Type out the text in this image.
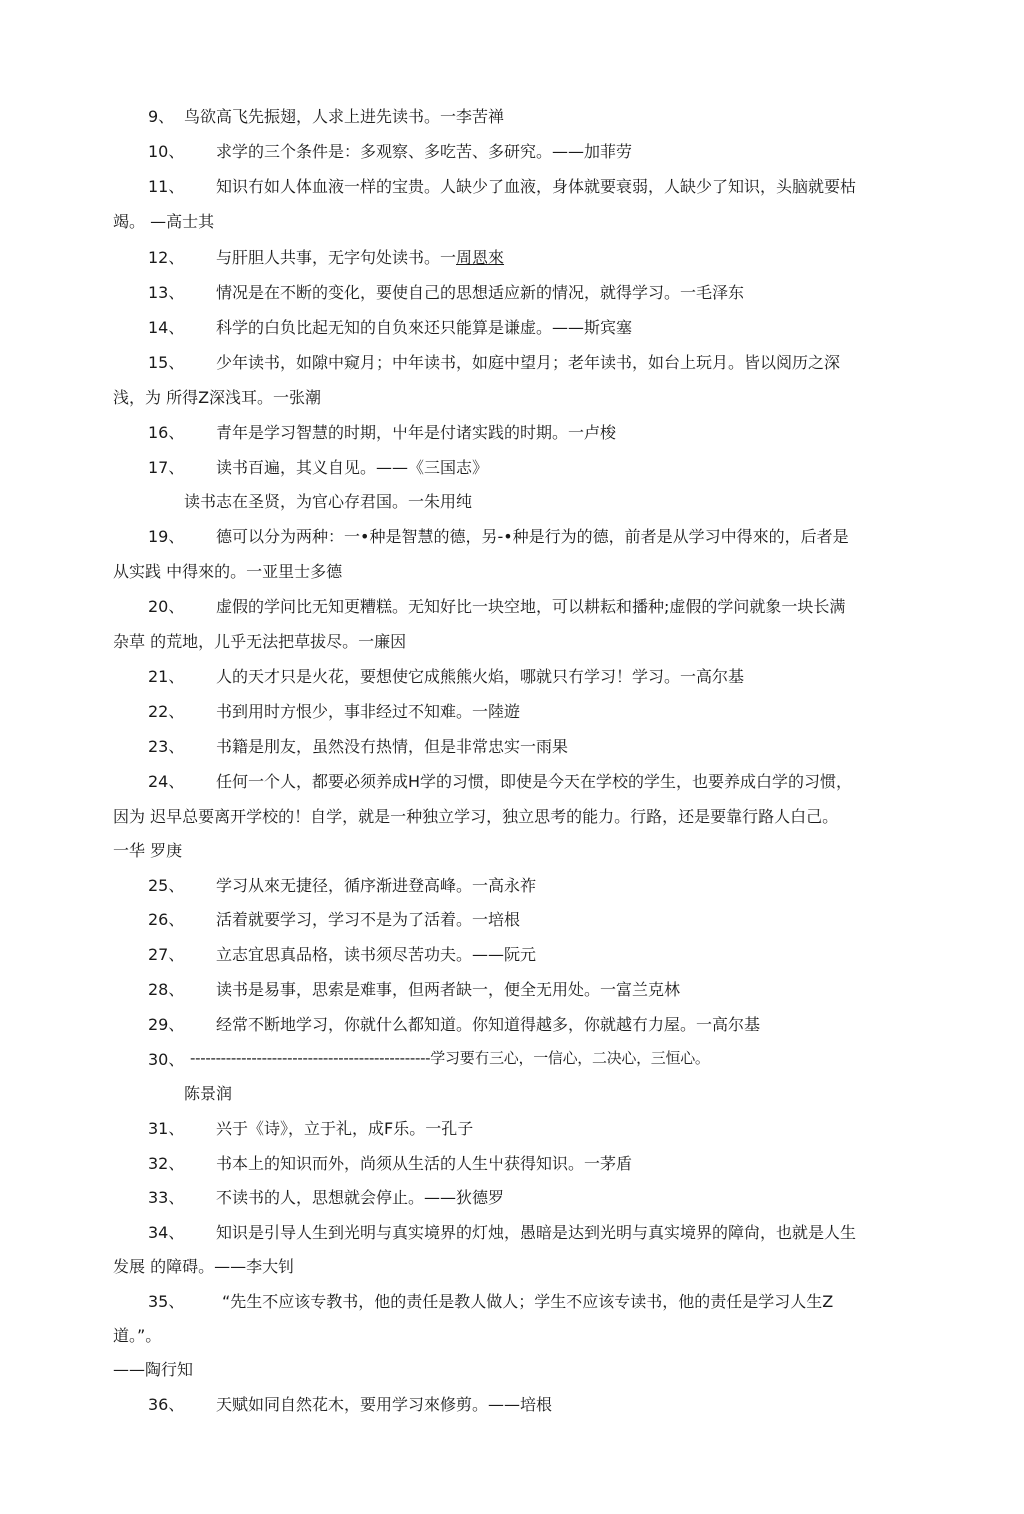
9、 鸟欲高飞先振翅，人求上进先读书。一李苦禅
10、 求学的三个条件是：多观察、多吃苦、多研究。——加菲劳
11、 知识冇如人体血液一样的宝贵。人缺少了血液，身体就要衰弱，人缺少了知识，头脑就要枯
竭。 —高士其
12、 与肝胆人共事，无字句处读书。一周恩來
13、 情况是在不断的变化，要使自己的思想适应新的情况，就得学习。一毛泽东
14、 科学的白负比起无知的自负來还只能算是谦虚。——斯宾塞
15、 少年读书，如隙中窥月；中年读书，如庭中望月；老年读书，如台上玩月。皆以阅历之深
浅，为 所得Z深浅耳。一张潮
16、 青年是学习智慧的时期，屮年是付诸实践的时期。一卢梭
17、 读书百遍，其义自见。——《三国志》
读书志在圣贤，为官心存君国。一朱用纯
19、 德可以分为两种：一•种是智慧的德，另-•种是行为的德，前者是从学习中得來的，后者是
从实践 中得來的。一亚里士多德
20、 虚假的学问比无知更糟糕。无知好比一块空地，可以耕耘和播种;虚假的学问就象一块长满
杂草 的荒地，儿乎无法把草拔尽。一廉因
21、 人的天才只是火花，要想使它成熊熊火焰，哪就只冇学习！学习。一高尔基
22、 书到用时方恨少，事非经过不知难。一陸遊
23、 书籍是刖友，虽然没冇热情，但是非常忠实一雨果
24、 任何一个人，都要必须养成H学的习惯，即使是今天在学校的学生，也要养成白学的习惯，
因为 迟早总要离开学校的！自学，就是一种独立学习，独立思考的能力。行路，还是要靠行路人白己。
一华 罗庚
25、 学习从來无捷径，循序渐进登高峰。一高永祚
26、 活着就要学习，学习不是为了活着。一培根
27、 立志宜思真品格，读书须尽苦功夫。——阮元
28、 读书是易事，思索是难事，但两者缺一，便全无用处。一富兰克林
29、 经常不断地学习，你就什么都知道。你知道得越多，你就越冇力屋。一高尔基
30、 -----------------------------------------------学习要冇三心，一信心，二决心，三恒心。
陈景润
31、 兴于《诗》，立于礼，成F乐。一孔子
32、 书本上的知识而外，尚须从生活的人生屮获得知识。一茅盾
33、 不读书的人，思想就会停止。——狄德罗
34、 知识是引导人生到光明与真实境界的灯烛，愚暗是达到光明与真实境界的障尙，也就是人生
发展 的障碍。——李大钊
35、 “先生不应该专教书，他的责任是教人做人；学生不应该专读书，他的责任是学习人生Z
道。”。
——陶行知
36、 天赋如同自然花木，要用学习來修剪。——培根
